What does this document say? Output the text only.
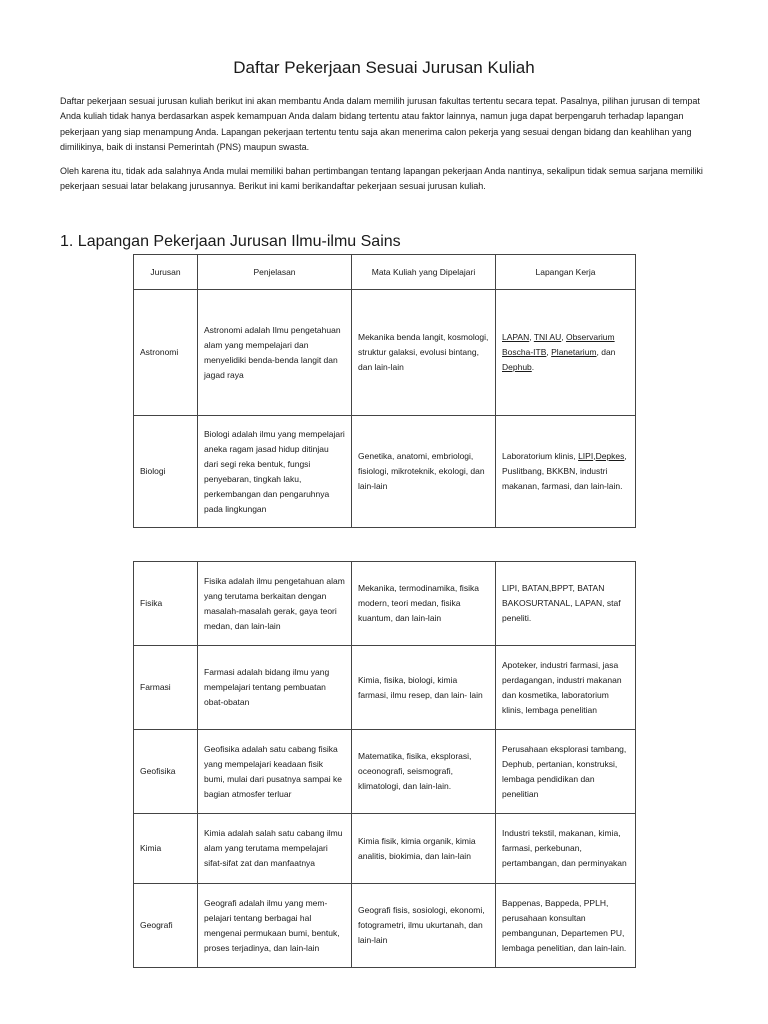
Daftar Pekerjaan Sesuai Jurusan Kuliah

Daftar pekerjaan sesuai jurusan kuliah berikut ini akan membantu Anda dalam memilih jurusan fakultas tertentu secara tepat. Pasalnya, pilihan jurusan di tempat Anda kuliah tidak hanya berdasarkan aspek kemampuan Anda dalam bidang tertentu atau faktor lainnya, namun juga dapat berpengaruh terhadap lapangan pekerjaan yang siap menampung Anda. Lapangan pekerjaan tertentu tentu saja akan menerima calon pekerja yang sesuai dengan bidang dan keahlihan yang dimilikinya, baik di instansi Pemerintah (PNS) maupun swasta.

Oleh karena itu, tidak ada salahnya Anda mulai memiliki bahan pertimbangan tentang lapangan pekerjaan Anda nantinya, sekalipun tidak semua sarjana memiliki pekerjaan sesuai latar belakang jurusannya. Berikut ini kami berikandaftar pekerjaan sesuai jurusan kuliah.

1. Lapangan Pekerjaan Jurusan Ilmu-ilmu Sains
Jurusan	Penjelasan	Mata Kuliah yang Dipelajari	Lapangan Kerja
Astronomi	Astronomi adalah Ilmu pengetahuan alam yang mempelajari dan menyelidiki benda-benda langit dan jagad raya	Mekanika benda langit, kosmologi, struktur galaksi, evolusi bintang, dan lain-lain	LAPAN, TNI AU, Observarium Boscha-ITB, Planetarium, dan Dephub.
Biologi	Biologi adalah ilmu yang mempelajari aneka ragam jasad hidup ditinjau dari segi reka bentuk, fungsi penyebaran, tingkah laku, perkembangan dan pengaruhnya pada lingkungan	Genetika, anatomi, embriologi, fisiologi, mikroteknik, ekologi, dan lain-lain	Laboratorium klinis, LIPI,Depkes, Puslitbang, BKKBN, industri makanan, farmasi, dan lain-lain.
Fisika	Fisika adalah ilmu pengetahuan alam yang terutama berkaitan dengan masalah-masalah gerak, gaya teori medan, dan lain-lain	Mekanika, termodinamika, fisika modern, teori medan, fisika kuantum, dan lain-lain	LIPI, BATAN,BPPT, BATAN BAKOSURTANAL, LAPAN, staf peneliti.
Farmasi	Farmasi adalah bidang ilmu yang mempelajari tentang pembuatan obat-obatan	Kimia, fisika, biologi, kimia farmasi, ilmu resep, dan lain- lain	Apoteker, industri farmasi, jasa perdagangan, industri makanan dan kosmetika, laboratorium klinis, lembaga penelitian
Geofisika	Geofisika adalah satu cabang fisika yang mempelajari keadaan fisik bumi, mulai dari pusatnya sampai ke bagian atmosfer terluar	Matematika, fisika, eksplorasi, oceonografi, seismografi, klimatologi, dan lain-lain.	Perusahaan eksplorasi tambang, Dephub, pertanian, konstruksi, lembaga pendidikan dan penelitian
Kimia	Kimia adalah salah satu cabang ilmu alam yang terutama mempelajari sifat-sifat zat dan manfaatnya	Kimia fisik, kimia organik, kimia analitis, biokimia, dan lain-lain	Industri tekstil, makanan, kimia, farmasi, perkebunan, pertambangan, dan perminyakan
Geografi	Geografi adalah ilmu yang mem- pelajari tentang berbagai hal mengenai permukaan bumi, bentuk, proses terjadinya, dan lain-lain	Geografi fisis, sosiologi, ekonomi, fotogrametri, ilmu ukurtanah, dan lain-lain	Bappenas, Bappeda, PPLH, perusahaan konsultan pembangunan, Departemen PU, lembaga penelitian, dan lain-lain.
